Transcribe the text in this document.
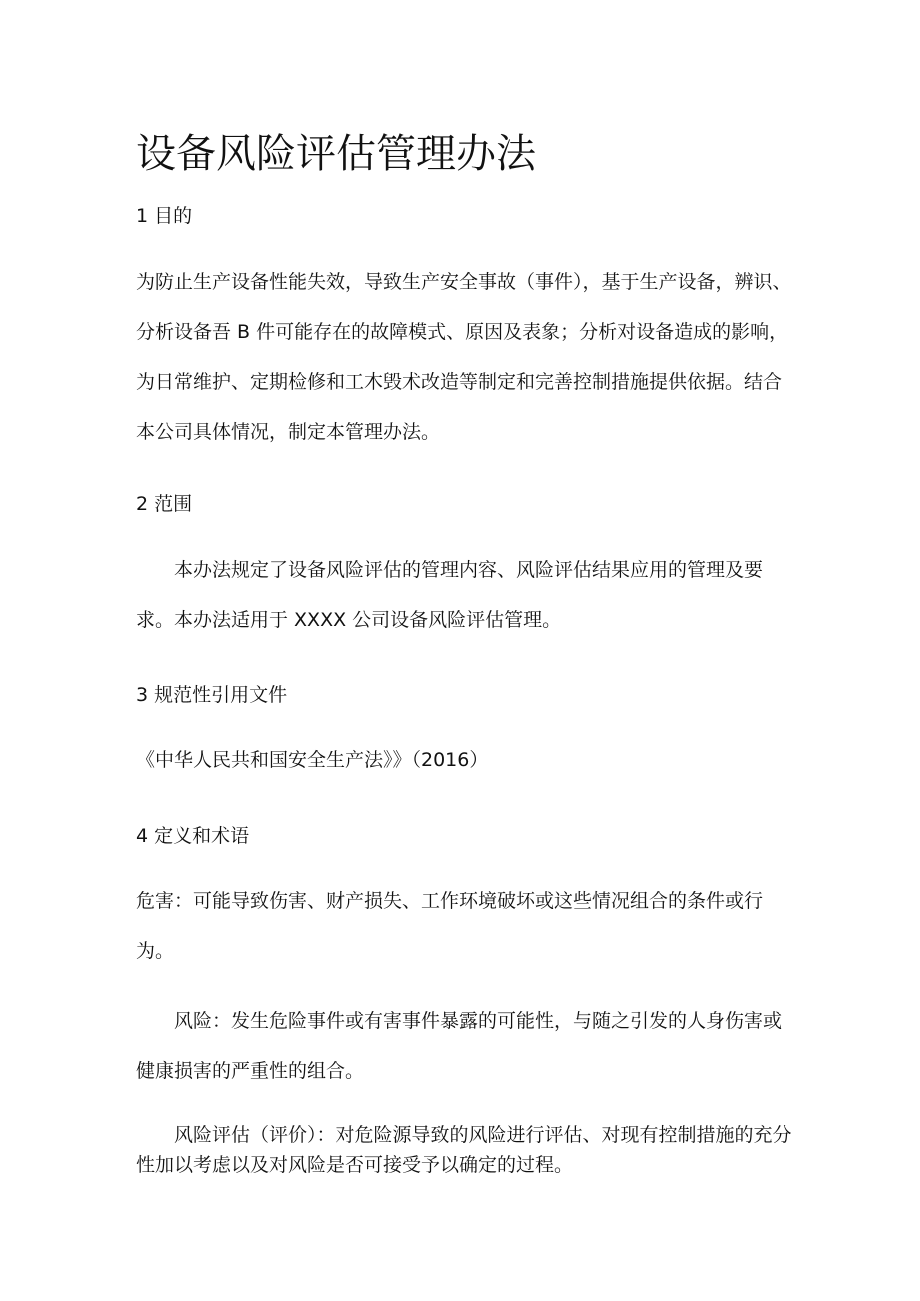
设备风险评估管理办法
1 目的

为防止生产设备性能失效，导致生产安全事故（事件），基于生产设备，辨识、分析设备吾 B 件可能存在的故障模式、原因及表象；分析对设备造成的影响，为日常维护、定期检修和工木毁术改造等制定和完善控制措施提供依据。结合本公司具体情况，制定本管理办法。

2 范围

本办法规定了设备风险评估的管理内容、风险评估结果应用的管理及要求。本办法适用于 XXXX 公司设备风险评估管理。

3 规范性引用文件

《中华人民共和国安全生产法》》（2016）

4 定义和术语

危害：可能导致伤害、财产损失、工作环境破坏或这些情况组合的条件或行为。

风险：发生危险事件或有害事件暴露的可能性，与随之引发的人身伤害或健康损害的严重性的组合。

风险评估（评价）：对危险源导致的风险进行评估、对现有控制措施的充分性加以考虑以及对风险是否可接受予以确定的过程。
